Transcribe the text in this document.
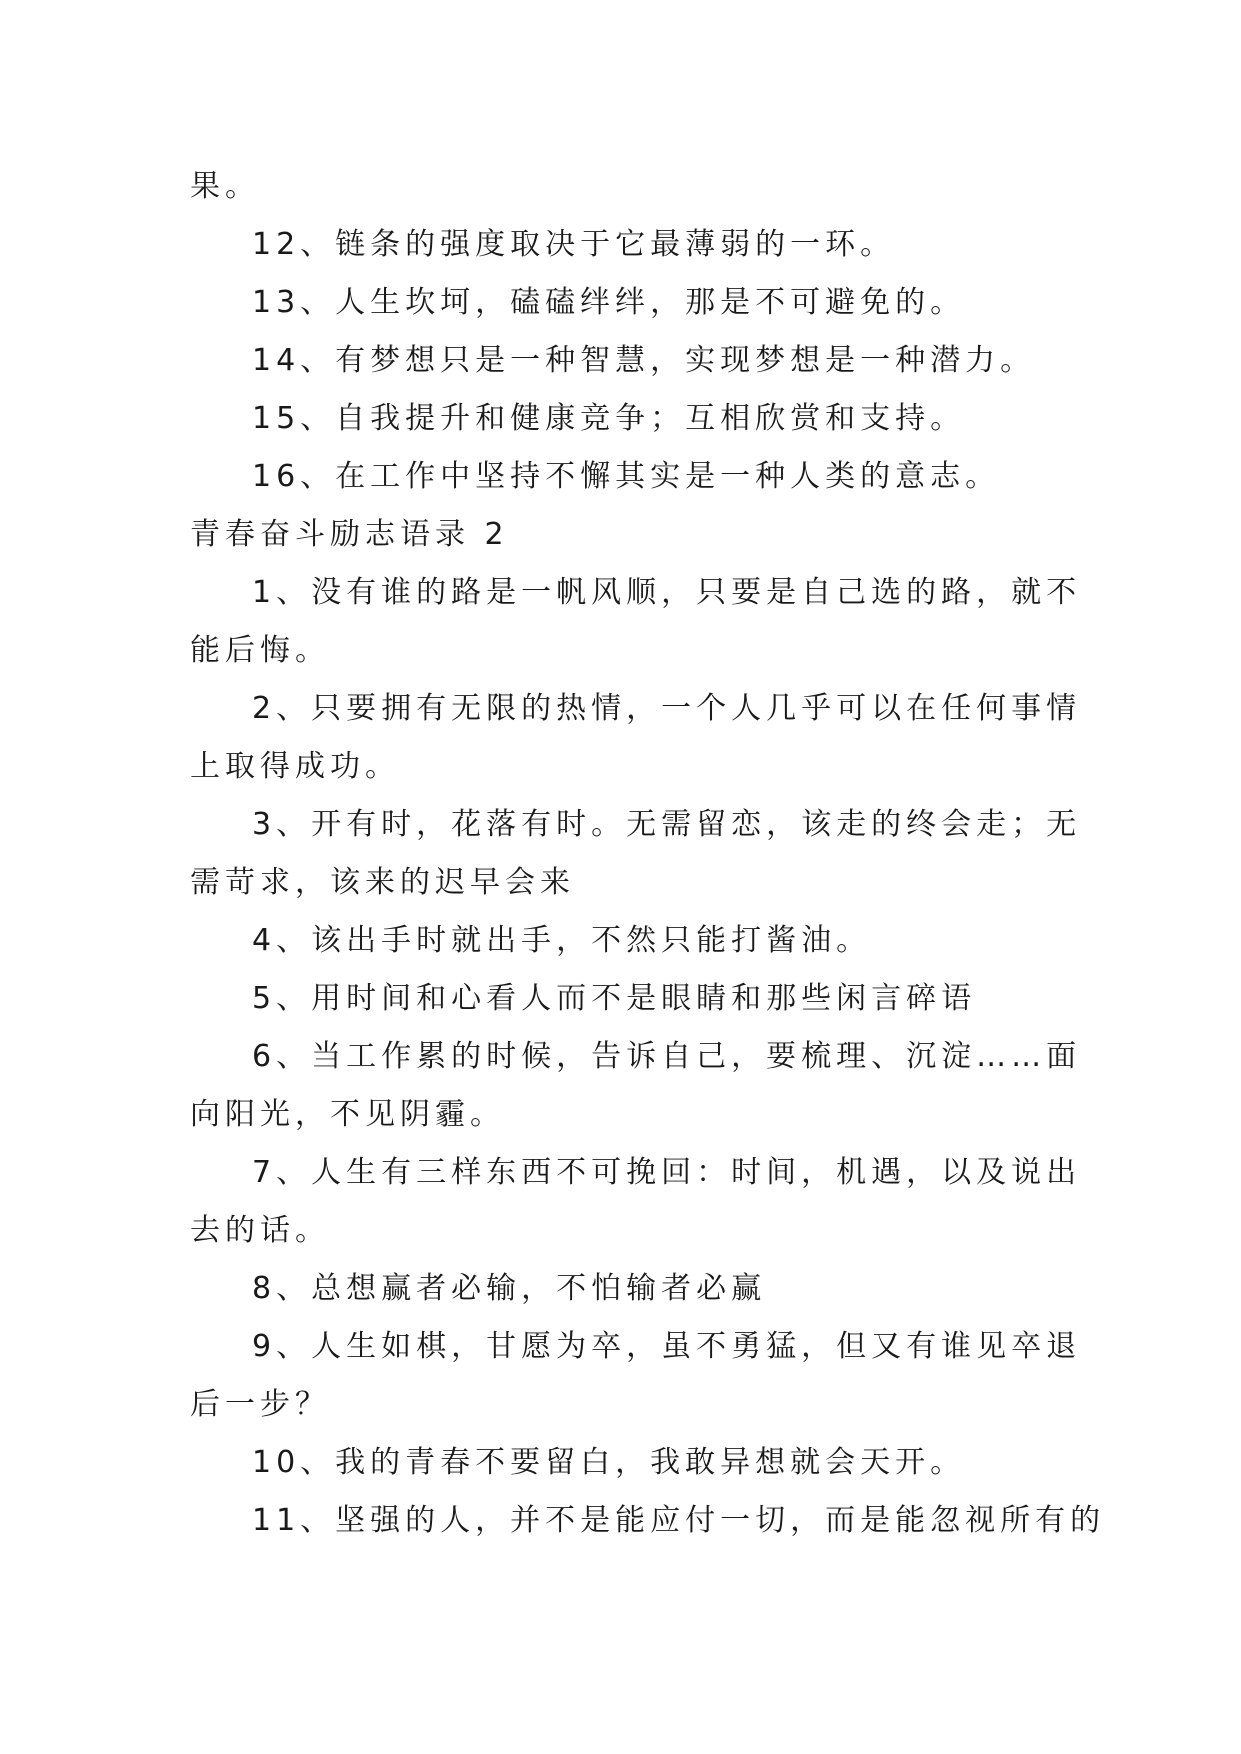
果。
12、链条的强度取决于它最薄弱的一环。
13、人生坎坷，磕磕绊绊，那是不可避免的。
14、有梦想只是一种智慧，实现梦想是一种潜力。
15、自我提升和健康竞争；互相欣赏和支持。
16、在工作中坚持不懈其实是一种人类的意志。
青春奋斗励志语录 2
1、没有谁的路是一帆风顺，只要是自己选的路，就不
能后悔。
2、只要拥有无限的热情，一个人几乎可以在任何事情
上取得成功。
3、开有时，花落有时。无需留恋，该走的终会走；无
需苛求，该来的迟早会来
4、该出手时就出手，不然只能打酱油。
5、用时间和心看人而不是眼睛和那些闲言碎语
6、当工作累的时候，告诉自己，要梳理、沉淀……面
向阳光，不见阴霾。
7、人生有三样东西不可挽回：时间，机遇，以及说出
去的话。
8、总想赢者必输，不怕输者必赢
9、人生如棋，甘愿为卒，虽不勇猛，但又有谁见卒退
后一步？
10、我的青春不要留白，我敢异想就会天开。
11、坚强的人，并不是能应付一切，而是能忽视所有的
